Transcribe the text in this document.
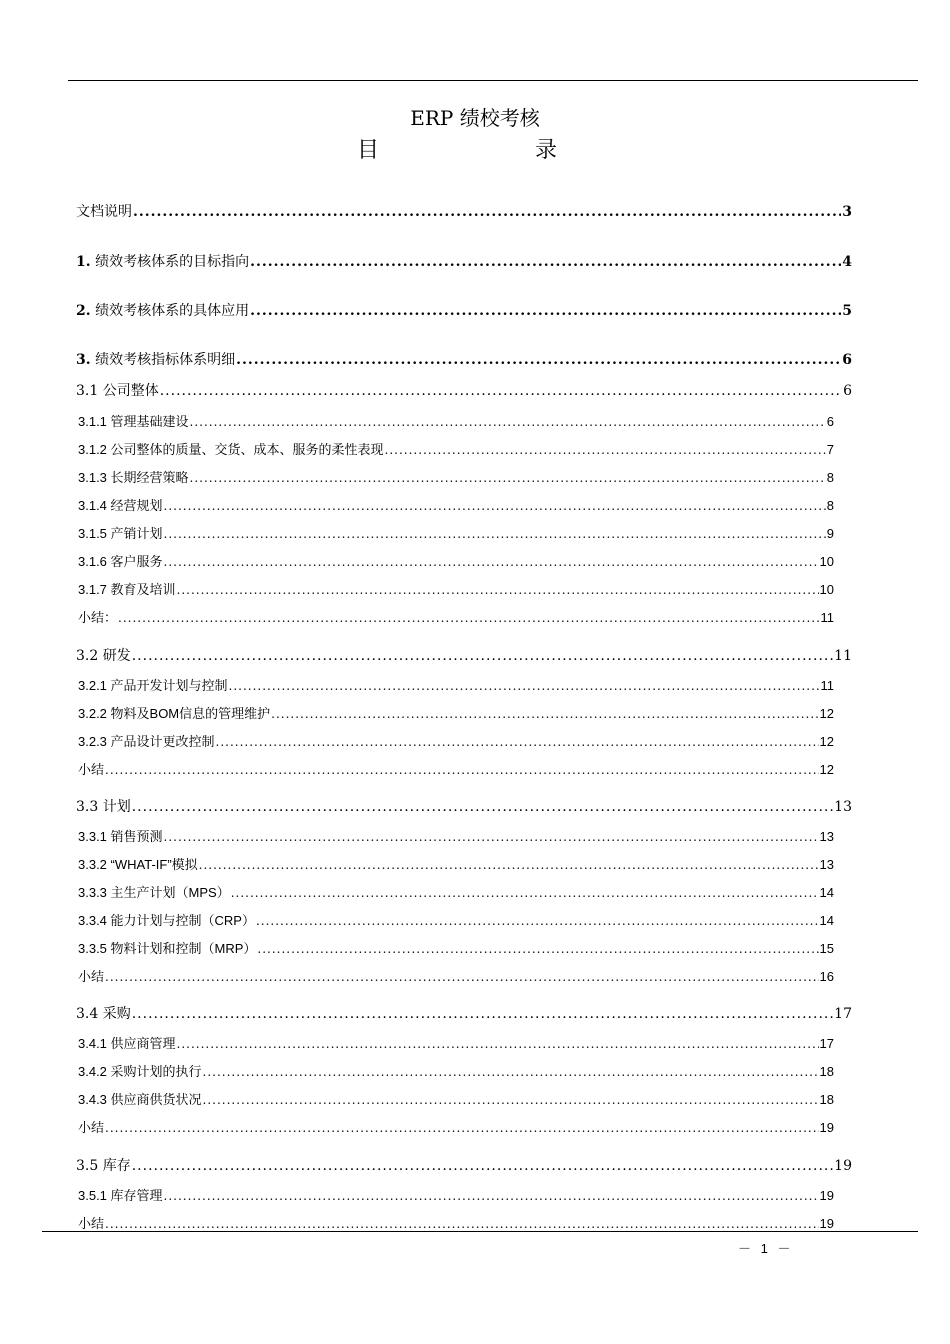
ERP 绩校考核
目	录
文档说明 .....	3
1. 绩效考核体系的目标指向 .....	4
2. 绩效考核体系的具体应用 .....	5
3. 绩效考核指标体系明细 .....	6
3.1 公司整体 .....	6
3.1.1 管理基础建设 .....	6
3.1.2 公司整体的质量、交货、成本、服务的柔性表现 .....	7
3.1.3 长期经营策略 .....	8
3.1.4 经营规划 .....	8
3.1.5 产销计划 .....	9
3.1.6 客户服务 .....	10
3.1.7 教育及培训 .....	10
小结： .....	11
3.2 研发 .....	11
3.2.1 产品开发计划与控制 .....	11
3.2.2 物料及BOM信息的管理维护 .....	12
3.2.3 产品设计更改控制 .....	12
小结 .....	12
3.3 计划 .....	13
3.3.1 销售预测 .....	13
3.3.2 “WHAT-IF”模拟 .....	13
3.3.3 主生产计划（MPS） .....	14
3.3.4 能力计划与控制（CRP） .....	14
3.3.5 物料计划和控制（MRP） .....	15
小结 .....	16
3.4 采购 .....	17
3.4.1 供应商管理 .....	17
3.4.2 采购计划的执行 .....	18
3.4.3 供应商供货状况 .....	18
小结 .....	19
3.5 库存 .....	19
3.5.1 库存管理 .....	19
小结 .....	19
－ 1 －
